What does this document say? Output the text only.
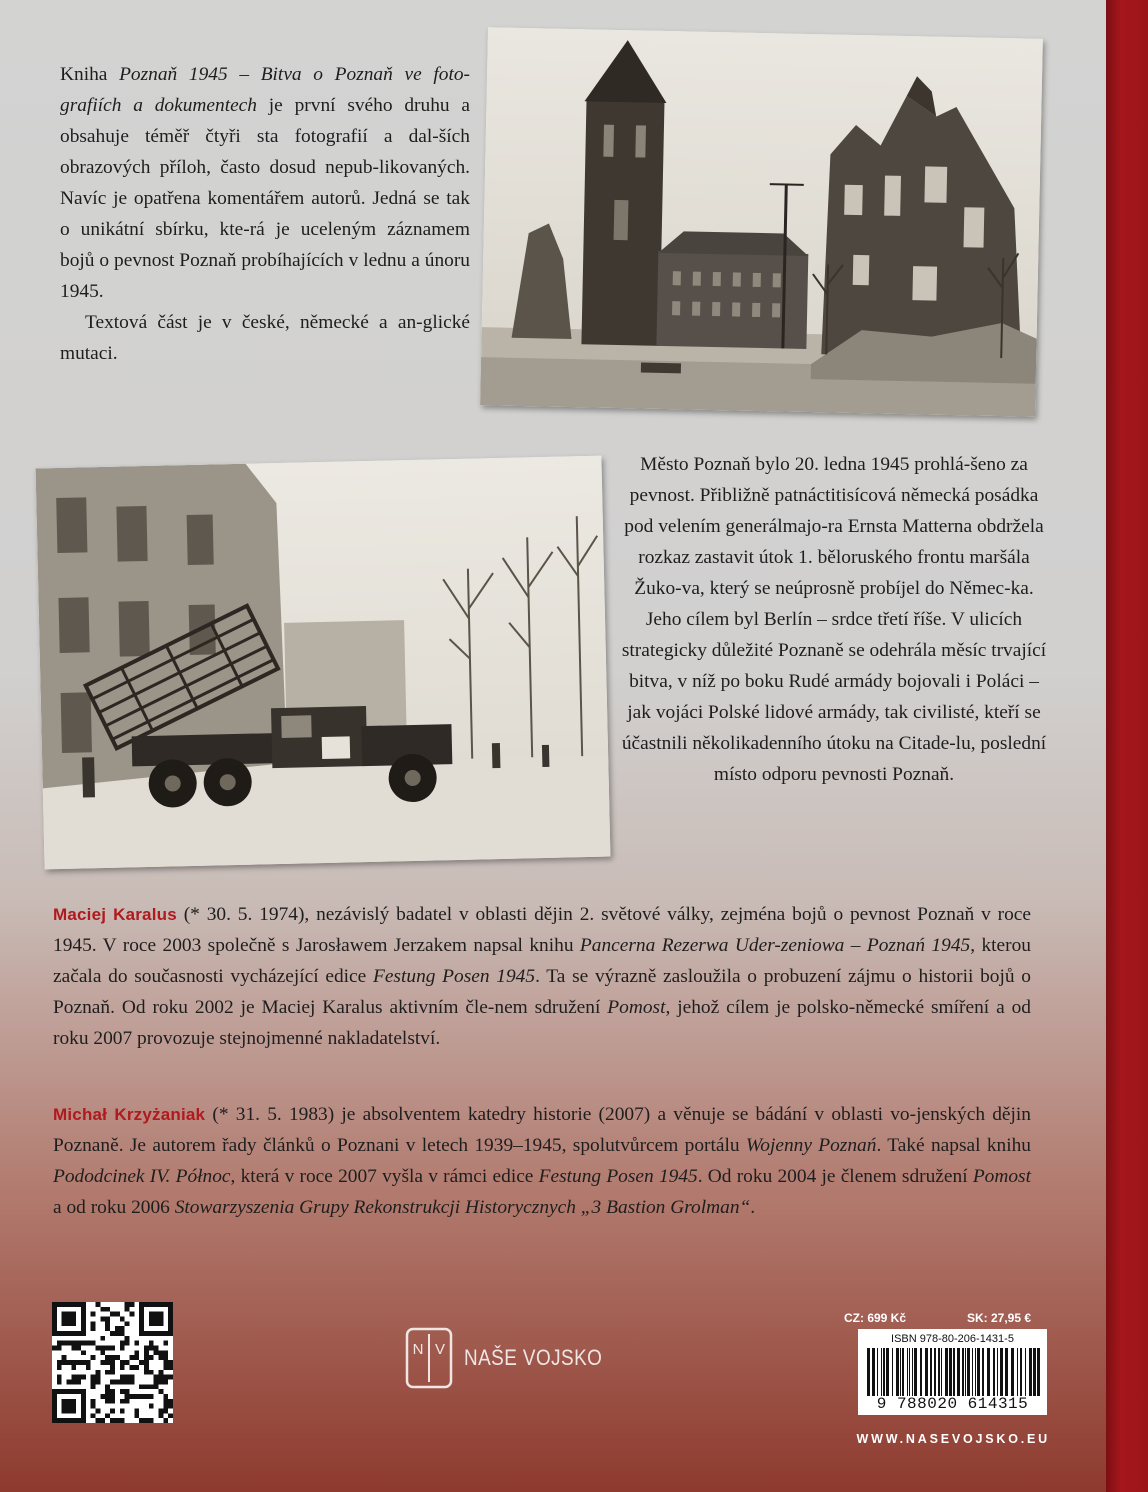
Kniha Poznaň 1945 – Bitva o Poznaň ve foto-grafiích a dokumentech je první svého druhu a obsahuje téměř čtyři sta fotografií a dal-ších obrazových příloh, často dosud nepub-likovaných. Navíc je opatřena komentářem autorů. Jedná se tak o unikátní sbírku, kte-rá je uceleným záznamem bojů o pevnost Poznaň probíhajících v lednu a únoru 1945.

Textová část je v české, německé a an-glické mutaci.

Město Poznaň bylo 20. ledna 1945 prohlá-šeno za pevnost. Přibližně patnáctitisícová německá posádka pod velením generálmajo-ra Ernsta Matterna obdržela rozkaz zastavit útok 1. běloruského frontu maršála Žuko-va, který se neúprosně probíjel do Němec-ka. Jeho cílem byl Berlín – srdce třetí říše. V ulicích strategicky důležité Poznaně se odehrála měsíc trvající bitva, v níž po boku Rudé armády bojovali i Poláci – jak vojáci Polské lidové armády, tak civilisté, kteří se účastnili několikadenního útoku na Citade-lu, poslední místo odporu pevnosti Poznaň.

Maciej Karalus (* 30. 5. 1974), nezávislý badatel v oblasti dějin 2. světové války, zejména bojů o pevnost Poznaň v roce 1945. V roce 2003 společně s Jarosławem Jerzakem napsal knihu Pancerna Rezerwa Uder-zeniowa – Poznań 1945, kterou začala do současnosti vycházející edice Festung Posen 1945. Ta se výrazně zasloužila o probuzení zájmu o historii bojů o Poznaň. Od roku 2002 je Maciej Karalus aktivním čle-nem sdružení Pomost, jehož cílem je polsko-německé smíření a od roku 2007 provozuje stejnojmenné nakladatelství.

Michał Krzyżaniak (* 31. 5. 1983) je absolventem katedry historie (2007) a věnuje se bádání v oblasti vo-jenských dějin Poznaně. Je autorem řady článků o Poznani v letech 1939–1945, spolutvůrcem portálu Wojenny Poznań. Také napsal knihu Pododcinek IV. Północ, která v roce 2007 vyšla v rámci edice Festung Posen 1945. Od roku 2004 je členem sdružení Pomost a od roku 2006 Stowarzyszenia Grupy Rekonstrukcji Historycznych „3 Bastion Grolman“.

N V NAŠE VOJSKO
CZ: 699 Kč	SK: 27,95 €
ISBN 978-80-206-1431-5
9 788020 614315
WWW.NASEVOJSKO.EU
